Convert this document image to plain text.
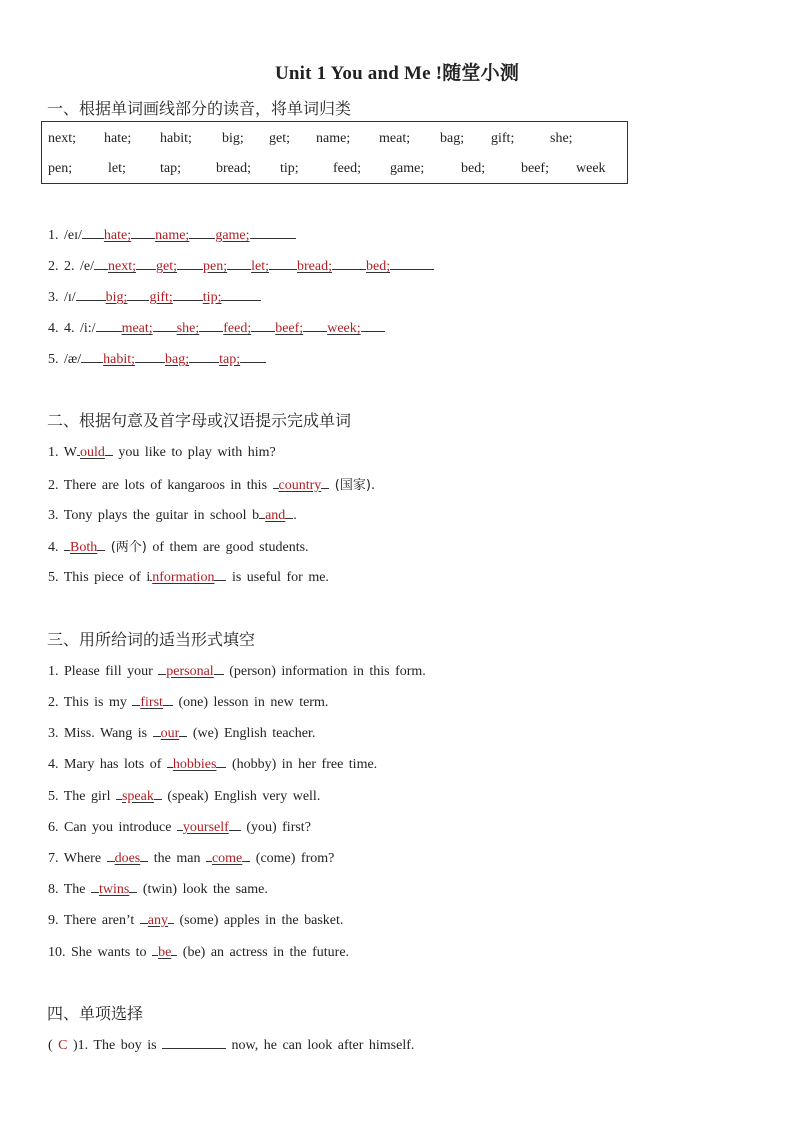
Unit 1 You and Me !随堂小测
一、根据单词画线部分的读音，将单词归类
next; hate; habit; big; get; name; meat; bag; gift;	she;
pen;	let; tap;	bread; tip; feed; game;	bed;	beef; week
1. /eɪ/ hate; name; game;
2. 2. /e/ next; get; pen; let; bread; bed;
3. /ɪ/ big; gift; tip;
4. 4. /i:/ meat; she; feed; beef; week;
5. /æ/ habit; bag; tap;
二、根据句意及首字母或汉语提示完成单词
1. W ould you like to play with him?
2. There are lots of kangaroos in this country (国家).
3. Tony plays the guitar in school b and .
4. Both (两个) of them are good students.
5. This piece of i nformation is useful for me.
三、用所给词的适当形式填空
1. Please fill your personal (person) information in this form.
2. This is my first (one) lesson in new term.
3. Miss. Wang is our (we) English teacher.
4. Mary has lots of hobbies (hobby) in her free time.
5. The girl speak (speak) English very well.
6. Can you introduce yourself (you) first?
7. Where does the man come (come) from?
8. The twins (twin) look the same.
9. There aren’t any (some) apples in the basket.
10. She wants to be (be) an actress in the future.
四、单项选择
( C )1. The boy is	now, he can look after himself.
